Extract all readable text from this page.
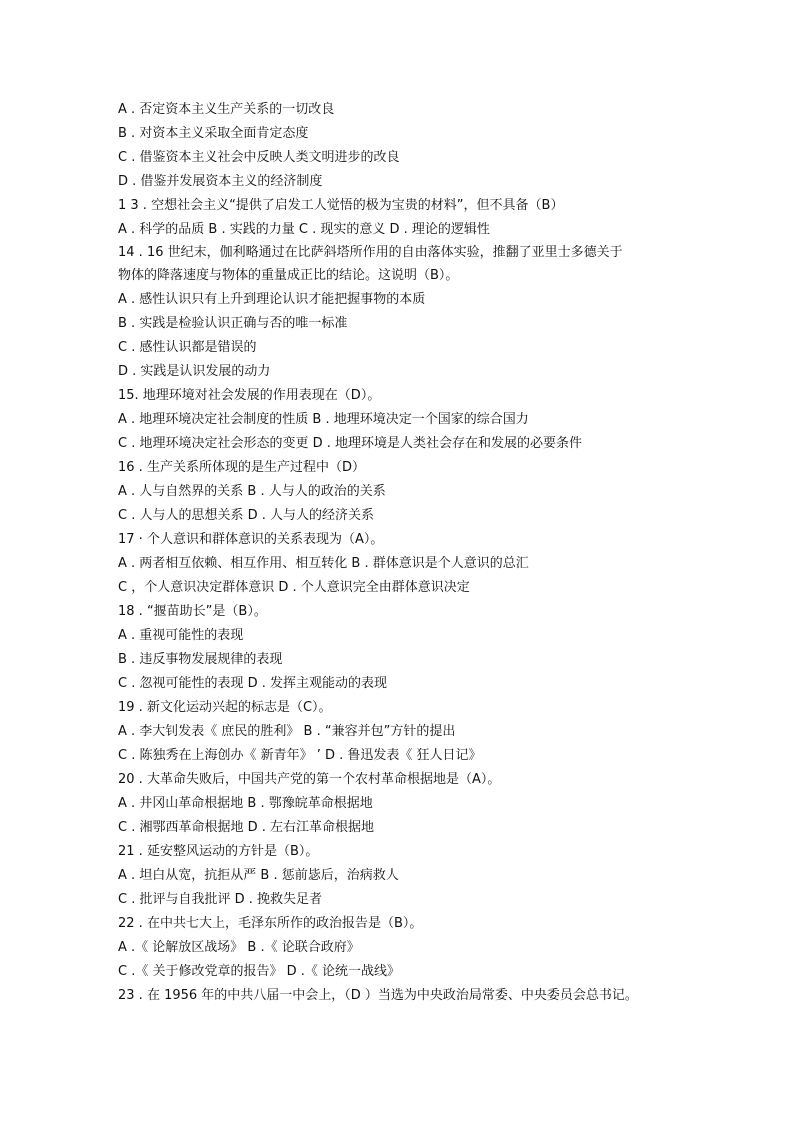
A . 否定资本主义生产关系的一切改良
B . 对资本主义采取全面肯定态度
C . 借鉴资本主义社会中反映人类文明进步的改良
D . 借鉴并发展资本主义的经济制度
1 3 . 空想社会主义“提供了启发工人觉悟的极为宝贵的材料”，但不具备（B）
A . 科学的品质 B . 实践的力量 C . 现实的意义 D . 理论的逻辑性
14 . 16 世纪末，伽利略通过在比萨斜塔所作用的自由落体实验，推翻了亚里士多德关于
物体的降落速度与物体的重量成正比的结论。这说明（B）。
A . 感性认识只有上升到理论认识才能把握事物的本质
B . 实践是检验认识正确与否的唯一标准
C . 感性认识都是错误的
D . 实践是认识发展的动力
15. 地理环境对社会发展的作用表现在（D）。
A . 地理环境决定社会制度的性质 B . 地理环境决定一个国家的综合国力
C . 地理环境决定社会形态的变更 D . 地理环境是人类社会存在和发展的必要条件
16 . 生产关系所体现的是生产过程中（D）
A . 人与自然界的关系 B . 人与人的政治的关系
C . 人与人的思想关系 D . 人与人的经济关系
17 · 个人意识和群体意识的关系表现为（A）。
A . 两者相互依赖、相互作用、相互转化 B . 群体意识是个人意识的总汇
C ，个人意识决定群体意识 D . 个人意识完全由群体意识决定
18 . “揠苗助长”是（B）。
A . 重视可能性的表现
B . 违反事物发展规律的表现
C . 忽视可能性的表现 D . 发挥主观能动的表现
19 . 新文化运动兴起的标志是（C）。
A . 李大钊发表《 庶民的胜利》 B . “兼容并包”方针的提出
C . 陈独秀在上海创办《 新青年》 ’ D . 鲁迅发表《 狂人日记》
20 . 大革命失败后，中国共产党的第一个农村革命根据地是（A）。
A . 井冈山革命根据地 B . 鄂豫皖革命根据地
C . 湘鄂西革命根据地 D . 左右江革命根据地
21 . 延安整风运动的方针是（B）。
A . 坦白从宽，抗拒从严 B . 惩前毖后，治病救人
C . 批评与自我批评 D . 挽救失足者
22 . 在中共七大上，毛泽东所作的政治报告是（B）。
A .《 论解放区战场》 B .《 论联合政府》
C .《 关于修改党章的报告》 D .《 论统一战线》
23 . 在 1956 年的中共八届一中会上，（D ）当选为中央政治局常委、中央委员会总书记。
